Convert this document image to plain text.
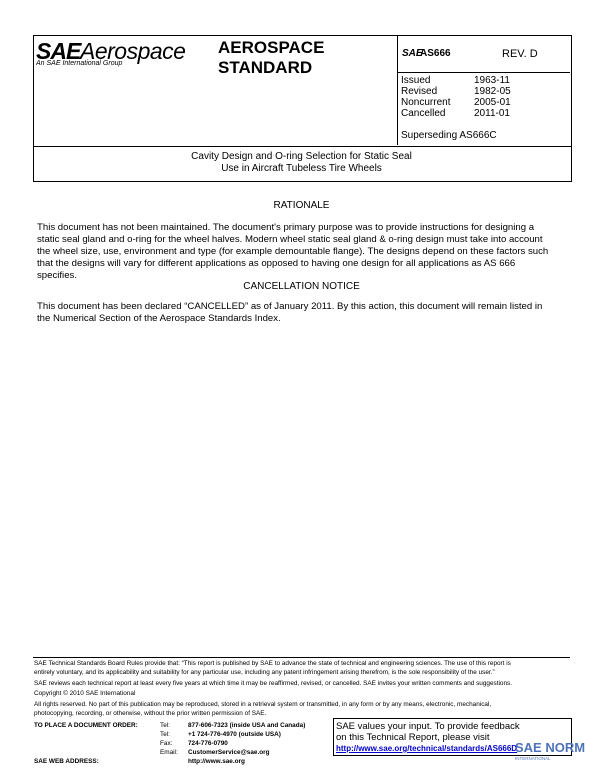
SAE Aerospace
An SAE International Group
AEROSPACE
STANDARD
SAE
AS666	REV. D
Issued	1963-11
Revised	1982-05
Noncurrent 2005-01
Cancelled	2011-01
Superseding AS666C
Cavity Design and O-ring Selection for Static Seal
Use in Aircraft Tubeless Tire Wheels
RATIONALE
This document has not been maintained. The document's primary purpose was to provide instructions for designing a
static seal gland and o-ring for the wheel halves. Modern wheel static seal gland & o-ring design must take into account
the wheel size, use, environment and type (for example demountable flange). The designs depend on these factors such
that the designs will vary for different applications as opposed to having one design for all applications as AS 666
specifies.
CANCELLATION NOTICE
This document has been declared “CANCELLED” as of January 2011. By this action, this document will remain listed in
the Numerical Section of the Aerospace Standards Index.
SAE Technical Standards Board Rules provide that: “This report is published by SAE to advance the state of technical and engineering sciences. The use of this report is
entirely voluntary, and its applicability and suitability for any particular use, including any patent infringement arising therefrom, is the sole responsibility of the user.”
SAE reviews each technical report at least every five years at which time it may be reaffirmed, revised, or cancelled. SAE invites your written comments and suggestions.
Copyright © 2010 SAE International
All rights reserved. No part of this publication may be reproduced, stored in a retrieval system or transmitted, in any form or by any means, electronic, mechanical,
photocopying, recording, or otherwise, without the prior written permission of SAE.
TO PLACE A DOCUMENT ORDER:	Tel:	877-606-7323 (inside USA and Canada)
Tel:	+1 724-776-4970 (outside USA)
Fax: 724-776-0790
Email: CustomerService@sae.org
SAE WEB ADDRESS:	http://www.sae.org
SAE values your input. To provide feedback
on this Technical Report, please visit
http://www.sae.org/technical/standards/AS666D
SAE NORM
INTERNATIONAL
